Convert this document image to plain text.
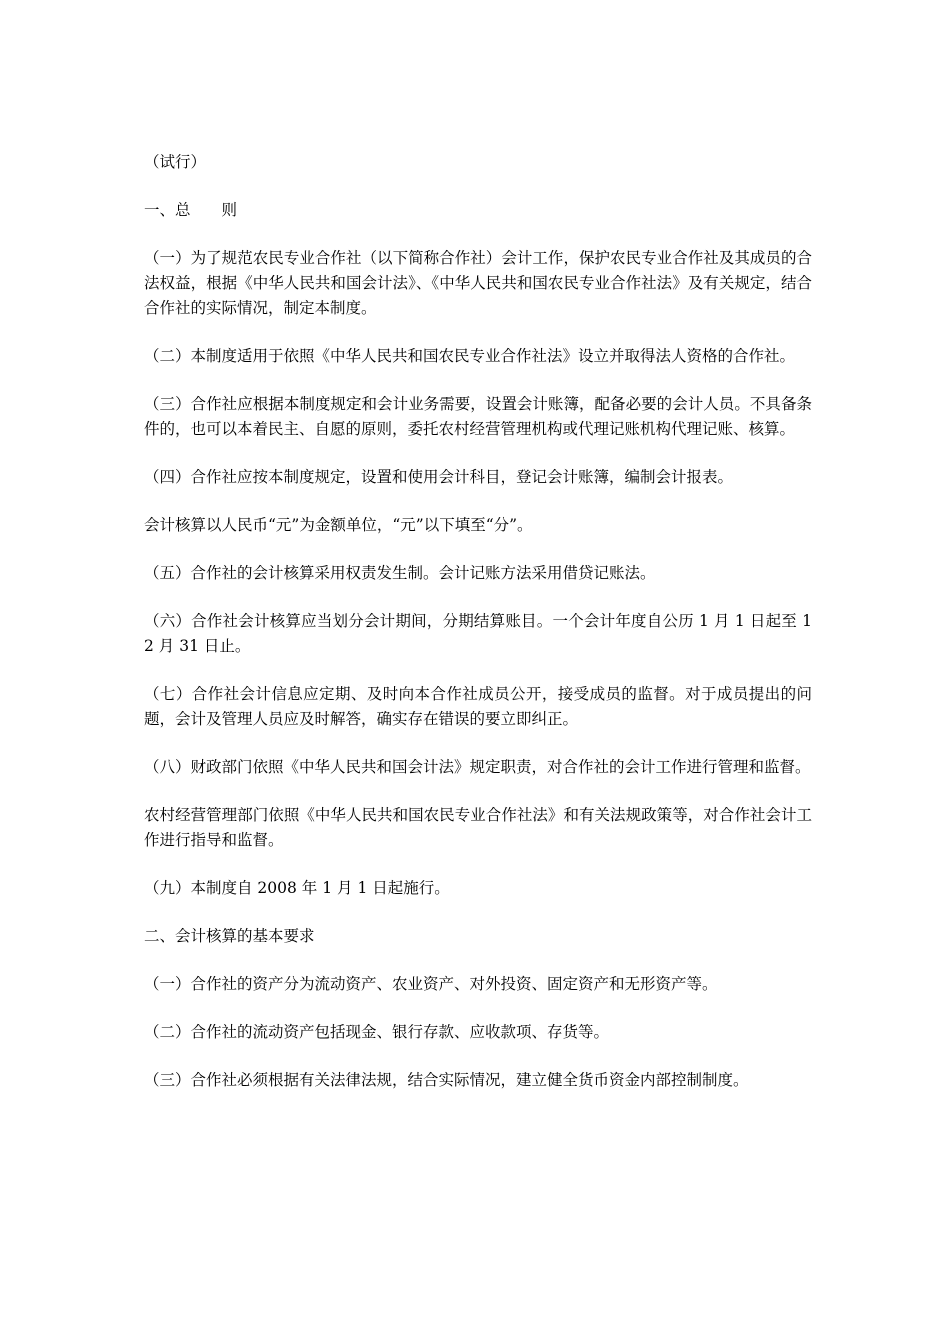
（试行）

一、总　　则

（一）为了规范农民专业合作社（以下简称合作社）会计工作，保护农民专业合作社及其成员的合法权益，根据《中华人民共和国会计法》、《中华人民共和国农民专业合作社法》及有关规定，结合合作社的实际情况，制定本制度。

（二）本制度适用于依照《中华人民共和国农民专业合作社法》设立并取得法人资格的合作社。

（三）合作社应根据本制度规定和会计业务需要，设置会计账簿，配备必要的会计人员。不具备条件的，也可以本着民主、自愿的原则，委托农村经营管理机构或代理记账机构代理记账、核算。

（四）合作社应按本制度规定，设置和使用会计科目，登记会计账簿，编制会计报表。

会计核算以人民币“元”为金额单位，“元”以下填至“分”。

（五）合作社的会计核算采用权责发生制。会计记账方法采用借贷记账法。

（六）合作社会计核算应当划分会计期间，分期结算账目。一个会计年度自公历 1 月 1 日起至 12 月 31 日止。

（七）合作社会计信息应定期、及时向本合作社成员公开，接受成员的监督。对于成员提出的问题，会计及管理人员应及时解答，确实存在错误的要立即纠正。

（八）财政部门依照《中华人民共和国会计法》规定职责，对合作社的会计工作进行管理和监督。

农村经营管理部门依照《中华人民共和国农民专业合作社法》和有关法规政策等，对合作社会计工作进行指导和监督。

（九）本制度自 2008 年 1 月 1 日起施行。

二、会计核算的基本要求

（一）合作社的资产分为流动资产、农业资产、对外投资、固定资产和无形资产等。

（二）合作社的流动资产包括现金、银行存款、应收款项、存货等。

（三）合作社必须根据有关法律法规，结合实际情况，建立健全货币资金内部控制制度。
